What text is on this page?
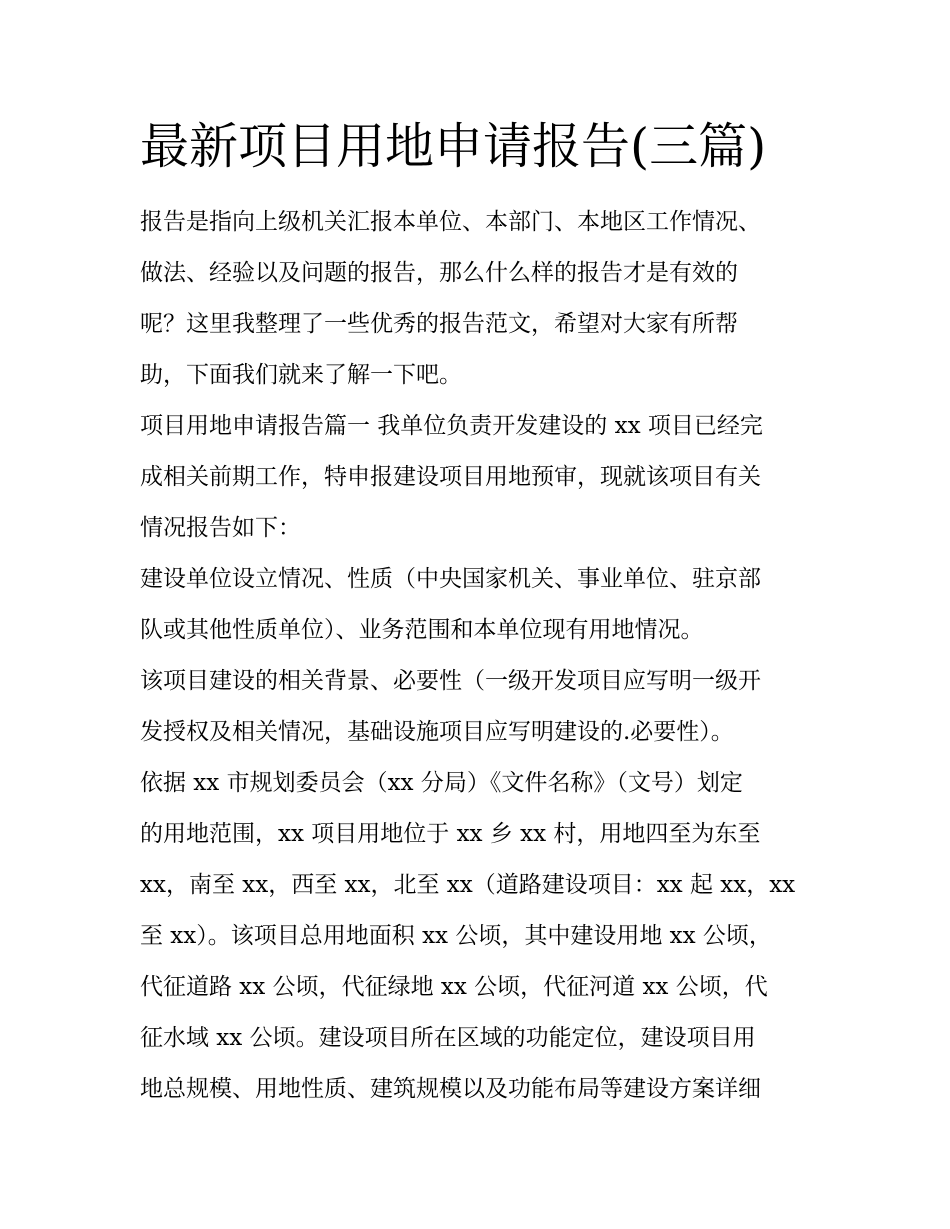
最新项目用地申请报告(三篇)
报告是指向上级机关汇报本单位、本部门、本地区工作情况、
做法、经验以及问题的报告，那么什么样的报告才是有效的
呢？这里我整理了一些优秀的报告范文，希望对大家有所帮
助，下面我们就来了解一下吧。
项目用地申请报告篇一 我单位负责开发建设的 xx 项目已经完
成相关前期工作，特申报建设项目用地预审，现就该项目有关
情况报告如下：
建设单位设立情况、性质（中央国家机关、事业单位、驻京部
队或其他性质单位）、业务范围和本单位现有用地情况。
该项目建设的相关背景、必要性（一级开发项目应写明一级开
发授权及相关情况，基础设施项目应写明建设的.必要性）。
依据 xx 市规划委员会（xx 分局）《文件名称》（文号）划定
的用地范围，xx 项目用地位于 xx 乡 xx 村，用地四至为东至
xx，南至 xx，西至 xx，北至 xx（道路建设项目：xx 起 xx，xx
至 xx）。该项目总用地面积 xx 公顷，其中建设用地 xx 公顷，
代征道路 xx 公顷，代征绿地 xx 公顷，代征河道 xx 公顷，代
征水域 xx 公顷。建设项目所在区域的功能定位，建设项目用
地总规模、用地性质、建筑规模以及功能布局等建设方案详细
